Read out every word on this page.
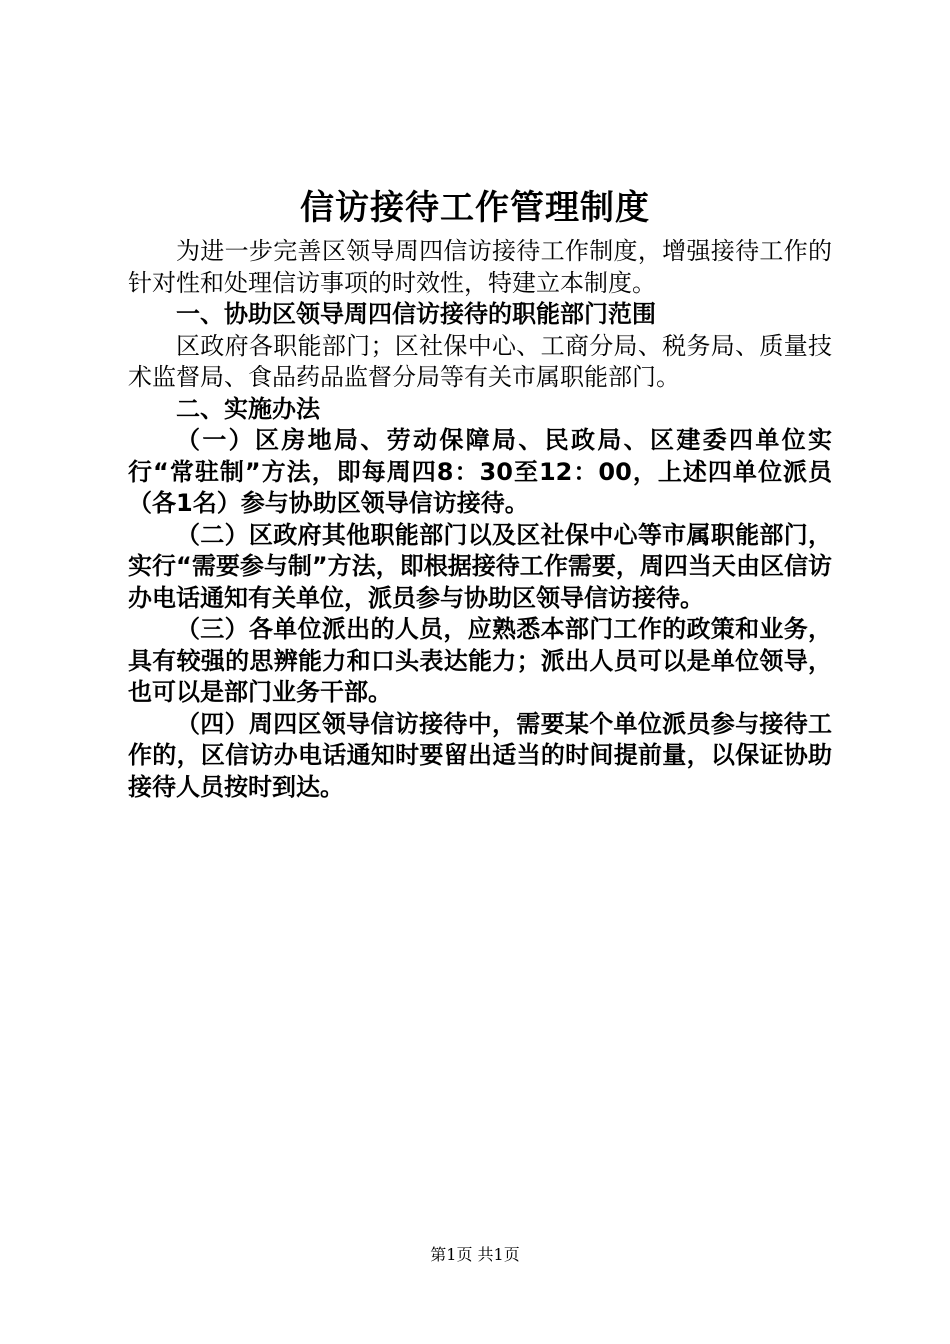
信访接待工作管理制度

为进一步完善区领导周四信访接待工作制度，增强接待工作的针对性和处理信访事项的时效性，特建立本制度。

一、协助区领导周四信访接待的职能部门范围

区政府各职能部门；区社保中心、工商分局、税务局、质量技术监督局、食品药品监督分局等有关市属职能部门。

二、实施办法

（一）区房地局、劳动保障局、民政局、区建委四单位实行“常驻制”方法，即每周四8：30至12：00，上述四单位派员（各1名）参与协助区领导信访接待。

（二）区政府其他职能部门以及区社保中心等市属职能部门，实行“需要参与制”方法，即根据接待工作需要，周四当天由区信访办电话通知有关单位，派员参与协助区领导信访接待。

（三）各单位派出的人员，应熟悉本部门工作的政策和业务，具有较强的思辨能力和口头表达能力；派出人员可以是单位领导，也可以是部门业务干部。

（四）周四区领导信访接待中，需要某个单位派员参与接待工作的，区信访办电话通知时要留出适当的时间提前量，以保证协助接待人员按时到达。

第1页 共1页
